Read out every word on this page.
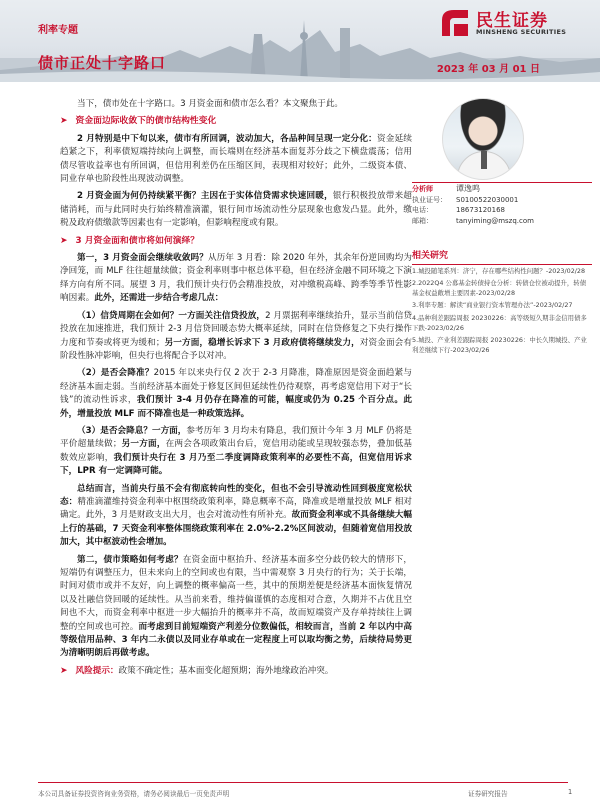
利率专题
债市正处十字路口	2023 年 03 月 01 日
民生证券
MINSHENG SECURITIES

当下，债市处在十字路口。3 月资金面和债市怎么看？本文聚焦于此。

➤ 资金面边际收敛下的债市结构性变化

2 月特别是中下旬以来，债市有所回调，波动加大，各品种间呈现一定分化：资金延续趋紧之下，利率债短端持续向上调整，而长端则在经济基本面复苏分歧之下横盘震荡；信用债尽管收益率也有所回调，但信用利差仍在压缩区间，表现相对较好；此外，二级资本债、同业存单也阶段性出现波动调整。

2 月资金面为何仍持续紧平衡？主因在于实体信贷需求快速回暖，银行积极投放带来超储消耗，而与此同时央行始终精准滴灌，银行间市场流动性分层现象也愈发凸显。此外，缴税及政府债缴款等因素也有一定影响，但影响程度或有限。

➤ 3 月资金面和债市将如何演绎？

第一，3 月资金面会继续收敛吗？从历年 3 月看：除 2020 年外，其余年份逆回购均为净回笼，而 MLF 往往超量续做；资金利率则事中枢总体平稳，但在经济金融不同环境之下演绎方向有所不同。展望 3 月，我们预计央行仍会精准投放，对冲缴税高峰、跨季等季节性影响因素。此外，还需进一步结合考虑几点：

（1）信贷周期在会如何？一方面关注信贷投放，2 月票据利率继续抬升，显示当前信贷投放在加速推进，我们预计 2-3 月信贷回暖态势大概率延续，同时在信贷修复之下央行操作力度和节奏或将更为缓和；另一方面，稳增长诉求下 3 月政府债将继续发力，对资金面会有阶段性脉冲影响，但央行也将配合予以对冲。

（2）是否会降准？2015 年以来央行仅 2 次于 2-3 月降准，降准原因是资金面趋紧与经济基本面走弱。当前经济基本面处于修复区间但延续性仍待观察，再考虑宽信用下对于“长钱”的流动性诉求，我们预计 3-4 月仍存在降准的可能，幅度或仍为 0.25 个百分点。此外，增量投放 MLF 而不降准也是一种政策选择。

（3）是否会降息？一方面，参考历年 3 月均未有降息，我们预计今年 3 月 MLF 仍将是平价超量续做；另一方面，在两会各项政策出台后，宽信用动能或呈现较强态势，叠加低基数效应影响，我们预计央行在 3 月乃至二季度调降政策利率的必要性不高，但宽信用诉求下，LPR 有一定调降可能。

总结而言，当前央行虽不会有彻底转向性的变化，但也不会引导流动性回到极度宽松状态：精准滴灌维持资金利率中枢围绕政策利率，降息概率不高，降准或是增量投放 MLF 相对确定。此外，3 月是财政支出大月，也会对流动性有所补充。故而资金利率或不具备继续大幅上行的基础，7 天资金利率整体围绕政策利率在 2.0%-2.2%区间波动，但随着宽信用投放加大，其中枢波动性会增加。

第二，债市策略如何考虑？在资金面中枢抬升、经济基本面多空分歧仍较大的情形下，短端仍有调整压力，但未来向上的空间或也有限，当中需观察 3 月央行的行为；关于长端，时间对债市或并不友好，向上调整的概率偏高一些，其中的预期差便是经济基本面恢复情况以及社融信贷回暖的延续性。从当前来看，维持偏谨慎的态度相对合意，久期并不占优且空间也不大，而资金利率中枢进一步大幅抬升的概率并不高，故而短端资产及存单持续往上调整的空间或也可控。而考虑到目前短端资产利差分位数偏低，相较而言，当前 2 年以内中高等级信用品种、3 年内二永债以及同业存单或在一定程度上可以取均衡之势，后续待局势更为清晰明朗后再做考虑。

➤ 风险提示： 政策不确定性；基本面变化超预期；海外地缘政治冲突。
分析师	谭逸鸣
执业证号：	S0100522030001
电话：	18673120168
邮箱：	tanyiming@mszq.com
相关研究
1.城投随笔系列：济宁，存在哪些结构性问题？-2023/02/28
2.2022Q4 公募基金转债持仓分析：转债仓位被动提升，转债基金权益敞增主要因素-2023/02/28
3.利率专题：解读“商业银行资本管理办法”-2023/02/27
4.品种利差跟踪周报 20230226：高等级短久期非金信用债多下跌-2023/02/26
5.城投、产业利差跟踪周报 20230226：中长久期城投、产业利差继续下行-2023/02/26
本公司具备证券投资咨询业务资格，请务必阅读最后一页免责声明	证券研究报告	1
